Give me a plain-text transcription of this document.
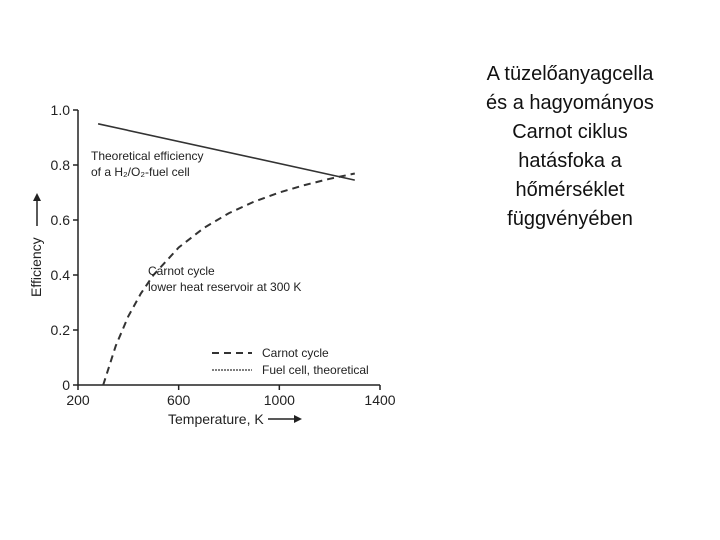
0
0.2
0.4
0.6
0.8
1.0
200	600	1000	1400
Temperature, K
Efficiency
Theoretical efficiency
of a H₂/O₂-fuel cell
Carnot cycle
lower heat reservoir at 300 K
Carnot cycle
Fuel cell, theoretical
A tüzelőanyagcella
és a hagyományos
Carnot ciklus
hatásfoka a
hőmérséklet
függvényében
